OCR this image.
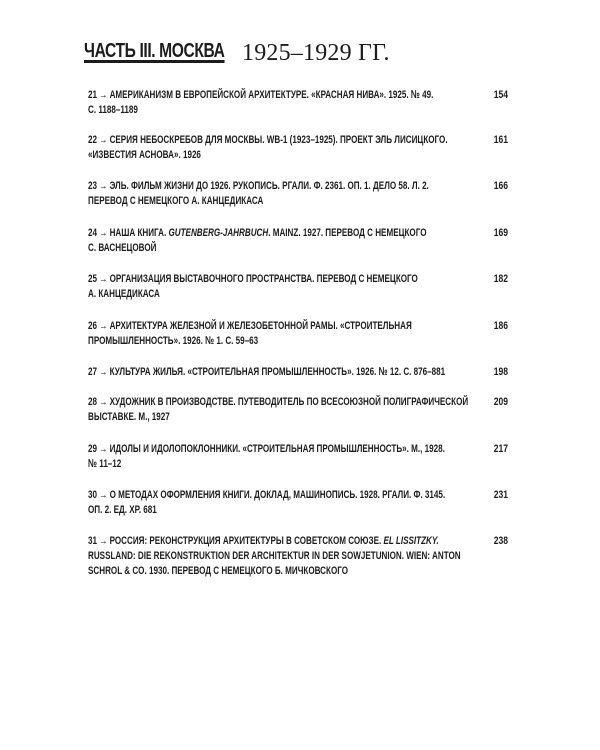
ЧАСТЬ III. МОСКВА 1925–1929 ГГ.
21 → АМЕРИКАНИЗМ В ЕВРОПЕЙСКОЙ АРХИТЕКТУРЕ. «КРАСНАЯ НИВА». 1925. № 49.
С. 1188–1189
154
22 → СЕРИЯ НЕБОСКРЕБОВ ДЛЯ МОСКВЫ. WB-1 (1923–1925). ПРОЕКТ ЭЛЬ ЛИСИЦКОГО.
«ИЗВЕСТИЯ АСНОВА». 1926
161
23 → ЭЛЬ. ФИЛЬМ ЖИЗНИ ДО 1926. РУКОПИСЬ. РГАЛИ. Ф. 2361. ОП. 1. ДЕЛО 58. Л. 2.
ПЕРЕВОД С НЕМЕЦКОГО А. КАНЦЕДИКАСА
166
24 → НАША КНИГА. GUTENBERG-JAHRBUCH. MAINZ. 1927. ПЕРЕВОД С НЕМЕЦКОГО
С. ВАСНЕЦОВОЙ
169
25 → ОРГАНИЗАЦИЯ ВЫСТАВОЧНОГО ПРОСТРАНСТВА. ПЕРЕВОД С НЕМЕЦКОГО
А. КАНЦЕДИКАСА
182
26 → АРХИТЕКТУРА ЖЕЛЕЗНОЙ И ЖЕЛЕЗОБЕТОННОЙ РАМЫ. «СТРОИТЕЛЬНАЯ
ПРОМЫШЛЕННОСТЬ». 1926. № 1. С. 59–63
186
27 → КУЛЬТУРА ЖИЛЬЯ. «СТРОИТЕЛЬНАЯ ПРОМЫШЛЕННОСТЬ». 1926. № 12. С. 876–881	198
28 → ХУДОЖНИК В ПРОИЗВОДСТВЕ. ПУТЕВОДИТЕЛЬ ПО ВСЕСОЮЗНОЙ ПОЛИГРАФИЧЕСКОЙ
ВЫСТАВКЕ. М., 1927
209
29 → ИДОЛЫ И ИДОЛОПОКЛОННИКИ. «СТРОИТЕЛЬНАЯ ПРОМЫШЛЕННОСТЬ». М., 1928.
№ 11–12
217
30 → О МЕТОДАХ ОФОРМЛЕНИЯ КНИГИ. ДОКЛАД, МАШИНОПИСЬ. 1928. РГАЛИ. Ф. 3145.
ОП. 2. ЕД. ХР. 681
231
31 → РОССИЯ: РЕКОНСТРУКЦИЯ АРХИТЕКТУРЫ В СОВЕТСКОМ СОЮЗЕ. EL LISSITZKY.
RUSSLAND: DIE REKONSTRUKTION DER ARCHITEKTUR IN DER SOWJETUNION. WIEN: ANTON
SCHROL & CO. 1930. ПЕРЕВОД С НЕМЕЦКОГО Б. МИЧКОВСКОГО
238
